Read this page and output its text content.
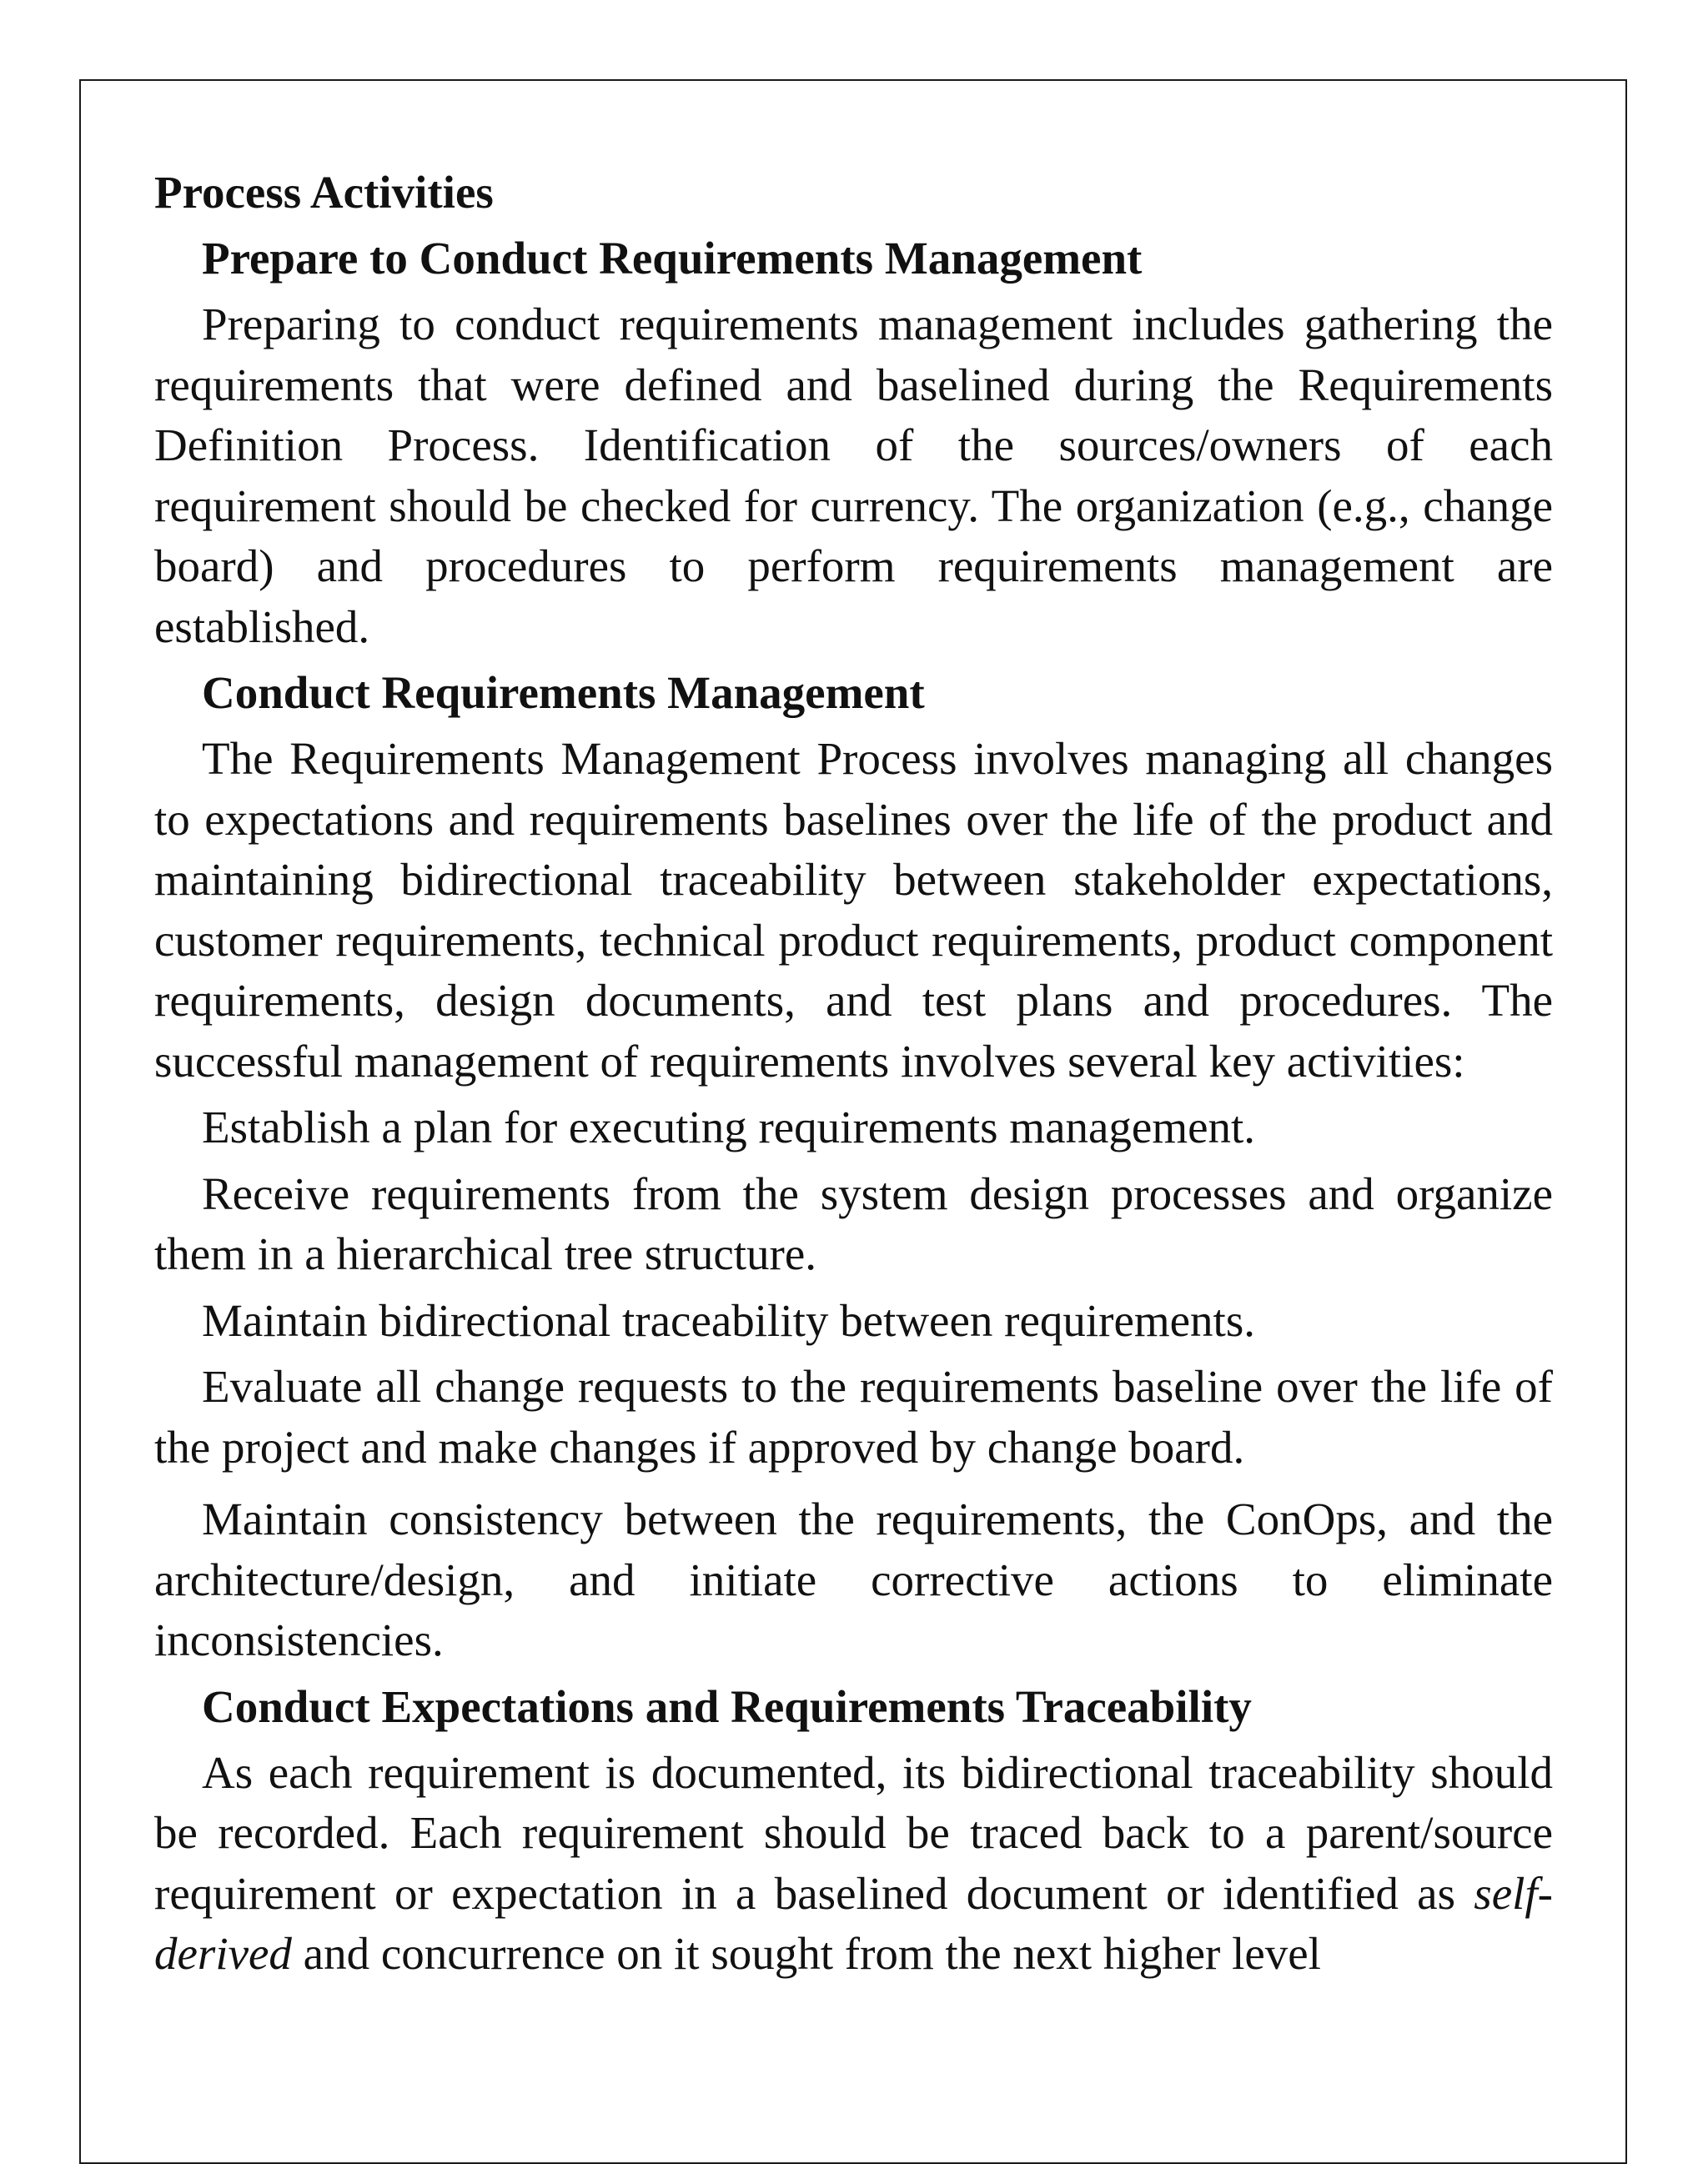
Process Activities
Prepare to Conduct Requirements Management

Preparing to conduct requirements management includes gathering the requirements that were defined and baselined during the Requirements Definition Process. Identification of the sources/owners of each requirement should be checked for currency. The organization (e.g., change board) and procedures to perform requirements management are established.

Conduct Requirements Management

The Requirements Management Process involves managing all changes to expectations and requirements baselines over the life of the product and maintaining bidirectional traceability between stakeholder expectations, customer requirements, technical product requirements, product component requirements, design documents, and test plans and procedures. The successful management of requirements involves several key activities:

Establish a plan for executing requirements management.

Receive requirements from the system design processes and organize them in a hierarchical tree structure.

Maintain bidirectional traceability between requirements.

Evaluate all change requests to the requirements baseline over the life of the project and make changes if approved by change board.

Maintain consistency between the requirements, the ConOps, and the architecture/design, and initiate corrective actions to eliminate inconsistencies.

Conduct Expectations and Requirements Traceability

As each requirement is documented, its bidirectional traceability should be recorded. Each requirement should be traced back to a parent/source requirement or expectation in a baselined document or identified as self-derived and concurrence on it sought from the next higher level
